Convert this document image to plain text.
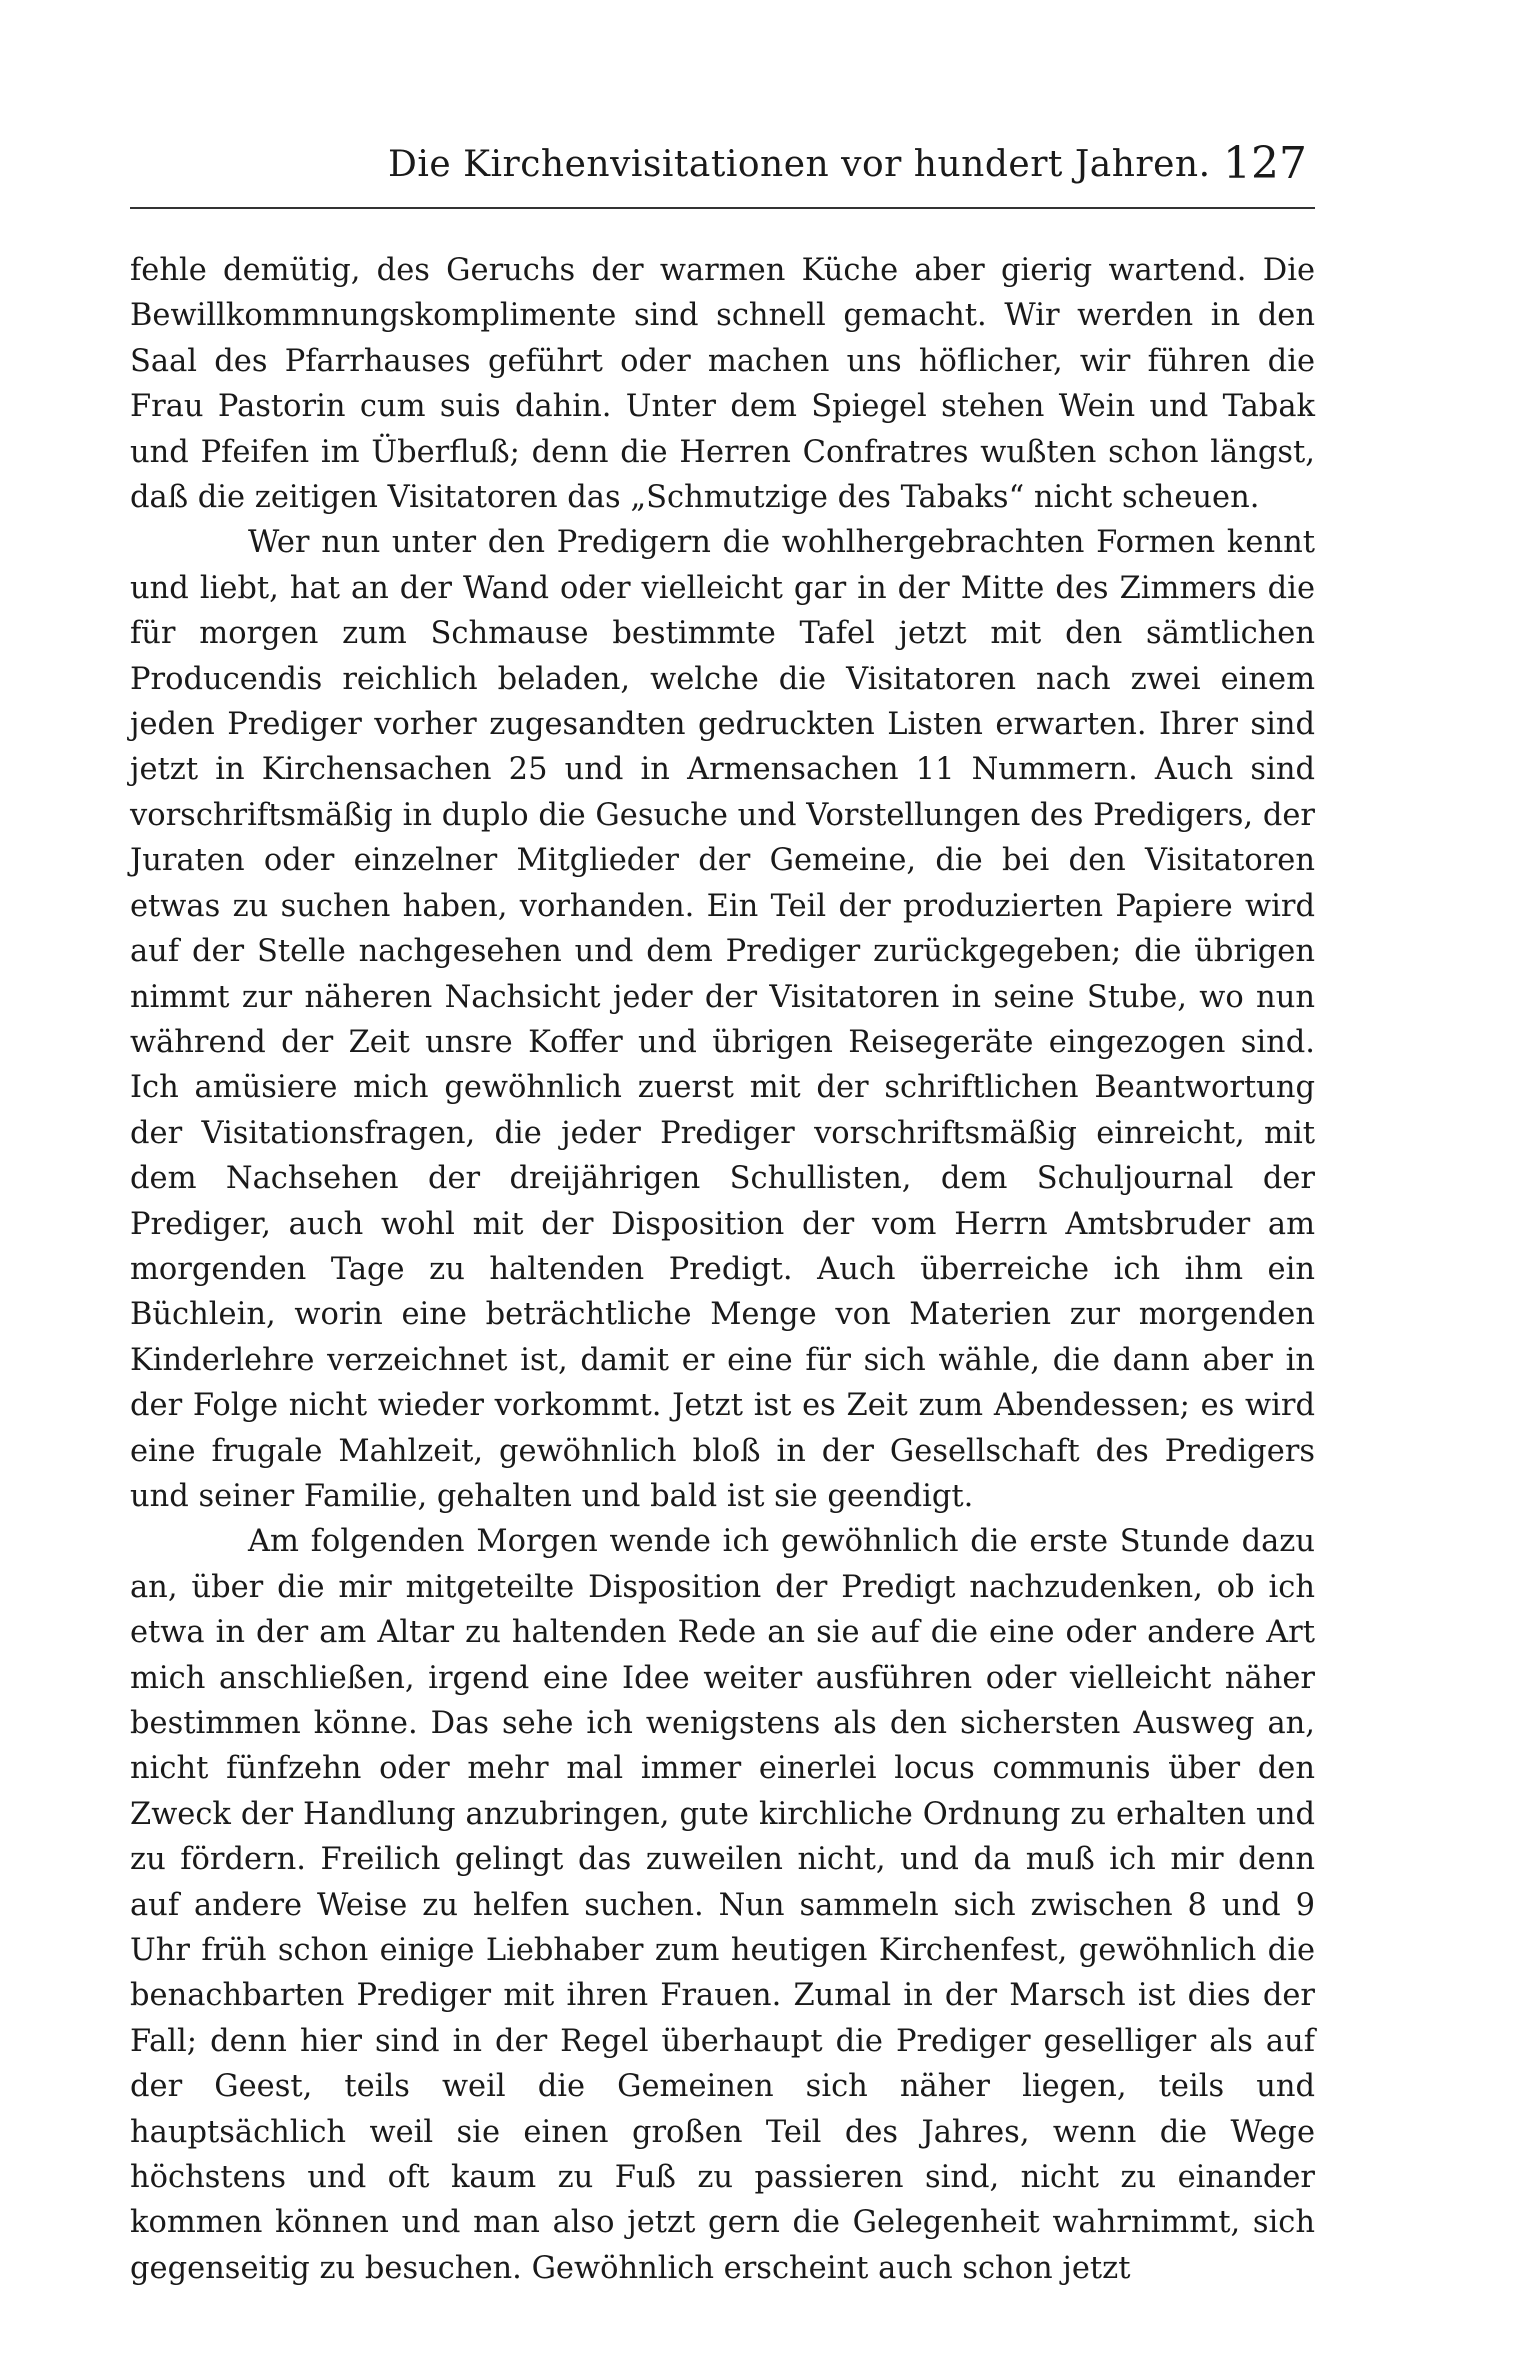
Die Kirchenvisitationen vor hundert Jahren. 127

fehle demütig, des Geruchs der warmen Küche aber gierig wartend. Die Bewillkommnungskomplimente sind schnell gemacht. Wir werden in den Saal des Pfarrhauses geführt oder machen uns höflicher, wir führen die Frau Pastorin cum suis dahin. Unter dem Spiegel stehen Wein und Tabak und Pfeifen im Überfluß; denn die Herren Confratres wußten schon längst, daß die zeitigen Visitatoren das „Schmutzige des Tabaks“ nicht scheuen.

Wer nun unter den Predigern die wohlhergebrachten Formen kennt und liebt, hat an der Wand oder vielleicht gar in der Mitte des Zimmers die für morgen zum Schmause bestimmte Tafel jetzt mit den sämtlichen Producendis reichlich beladen, welche die Visitatoren nach zwei einem jeden Prediger vorher zugesandten gedruckten Listen erwarten. Ihrer sind jetzt in Kirchensachen 25 und in Armensachen 11 Nummern. Auch sind vorschriftsmäßig in duplo die Gesuche und Vorstellungen des Predigers, der Juraten oder einzelner Mitglieder der Gemeine, die bei den Visitatoren etwas zu suchen haben, vorhanden. Ein Teil der produzierten Papiere wird auf der Stelle nachgesehen und dem Prediger zurückgegeben; die übrigen nimmt zur näheren Nachsicht jeder der Visitatoren in seine Stube, wo nun während der Zeit unsre Koffer und übrigen Reisegeräte eingezogen sind. Ich amüsiere mich gewöhnlich zuerst mit der schriftlichen Beantwortung der Visitationsfragen, die jeder Prediger vorschriftsmäßig einreicht, mit dem Nachsehen der dreijährigen Schullisten, dem Schuljournal der Prediger, auch wohl mit der Disposition der vom Herrn Amtsbruder am morgenden Tage zu haltenden Predigt. Auch überreiche ich ihm ein Büchlein, worin eine beträchtliche Menge von Materien zur morgenden Kinderlehre verzeichnet ist, damit er eine für sich wähle, die dann aber in der Folge nicht wieder vorkommt. Jetzt ist es Zeit zum Abendessen; es wird eine frugale Mahlzeit, gewöhnlich bloß in der Gesellschaft des Predigers und seiner Familie, gehalten und bald ist sie geendigt.

Am folgenden Morgen wende ich gewöhnlich die erste Stunde dazu an, über die mir mitgeteilte Disposition der Predigt nachzudenken, ob ich etwa in der am Altar zu haltenden Rede an sie auf die eine oder andere Art mich anschließen, irgend eine Idee weiter ausführen oder vielleicht näher bestimmen könne. Das sehe ich wenigstens als den sichersten Ausweg an, nicht fünfzehn oder mehr mal immer einerlei locus communis über den Zweck der Handlung anzubringen, gute kirchliche Ordnung zu erhalten und zu fördern. Freilich gelingt das zuweilen nicht, und da muß ich mir denn auf andere Weise zu helfen suchen. Nun sammeln sich zwischen 8 und 9 Uhr früh schon einige Liebhaber zum heutigen Kirchenfest, gewöhnlich die benachbarten Prediger mit ihren Frauen. Zumal in der Marsch ist dies der Fall; denn hier sind in der Regel überhaupt die Prediger geselliger als auf der Geest, teils weil die Gemeinen sich näher liegen, teils und hauptsächlich weil sie einen großen Teil des Jahres, wenn die Wege höchstens und oft kaum zu Fuß zu passieren sind, nicht zu einander kommen können und man also jetzt gern die Gelegenheit wahrnimmt, sich gegenseitig zu besuchen. Gewöhnlich erscheint auch schon jetzt
